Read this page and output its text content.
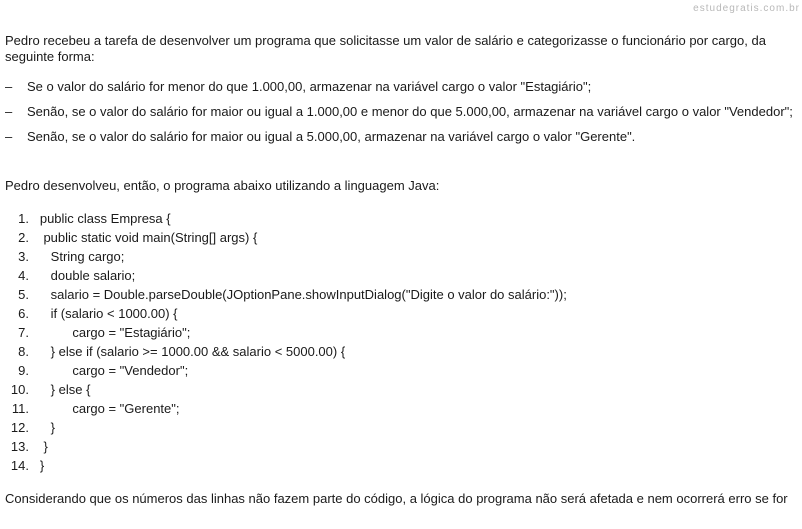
estudegratis.com.br

Pedro recebeu a tarefa de desenvolver um programa que solicitasse um valor de salário e categorizasse o funcionário por cargo, da seguinte forma:

– Se o valor do salário for menor do que 1.000,00, armazenar na variável cargo o valor "Estagiário";
– Senão, se o valor do salário for maior ou igual a 1.000,00 e menor do que 5.000,00, armazenar na variável cargo o valor "Vendedor";
– Senão, se o valor do salário for maior ou igual a 5.000,00, armazenar na variável cargo o valor "Gerente".

Pedro desenvolveu, então, o programa abaixo utilizando a linguagem Java:

1. public class Empresa {
2. public static void main(String[] args) {
3. String cargo;
4. double salario;
5. salario = Double.parseDouble(JOptionPane.showInputDialog("Digite o valor do salário:"));
6. if (salario < 1000.00) {
7. cargo = "Estagiário";
8. } else if (salario >= 1000.00 && salario < 5000.00) {
9. cargo = "Vendedor";
10. } else {
11. cargo = "Gerente";
12. }
13. }
14. }

Considerando que os números das linhas não fazem parte do código, a lógica do programa não será afetada e nem ocorrerá erro se for
